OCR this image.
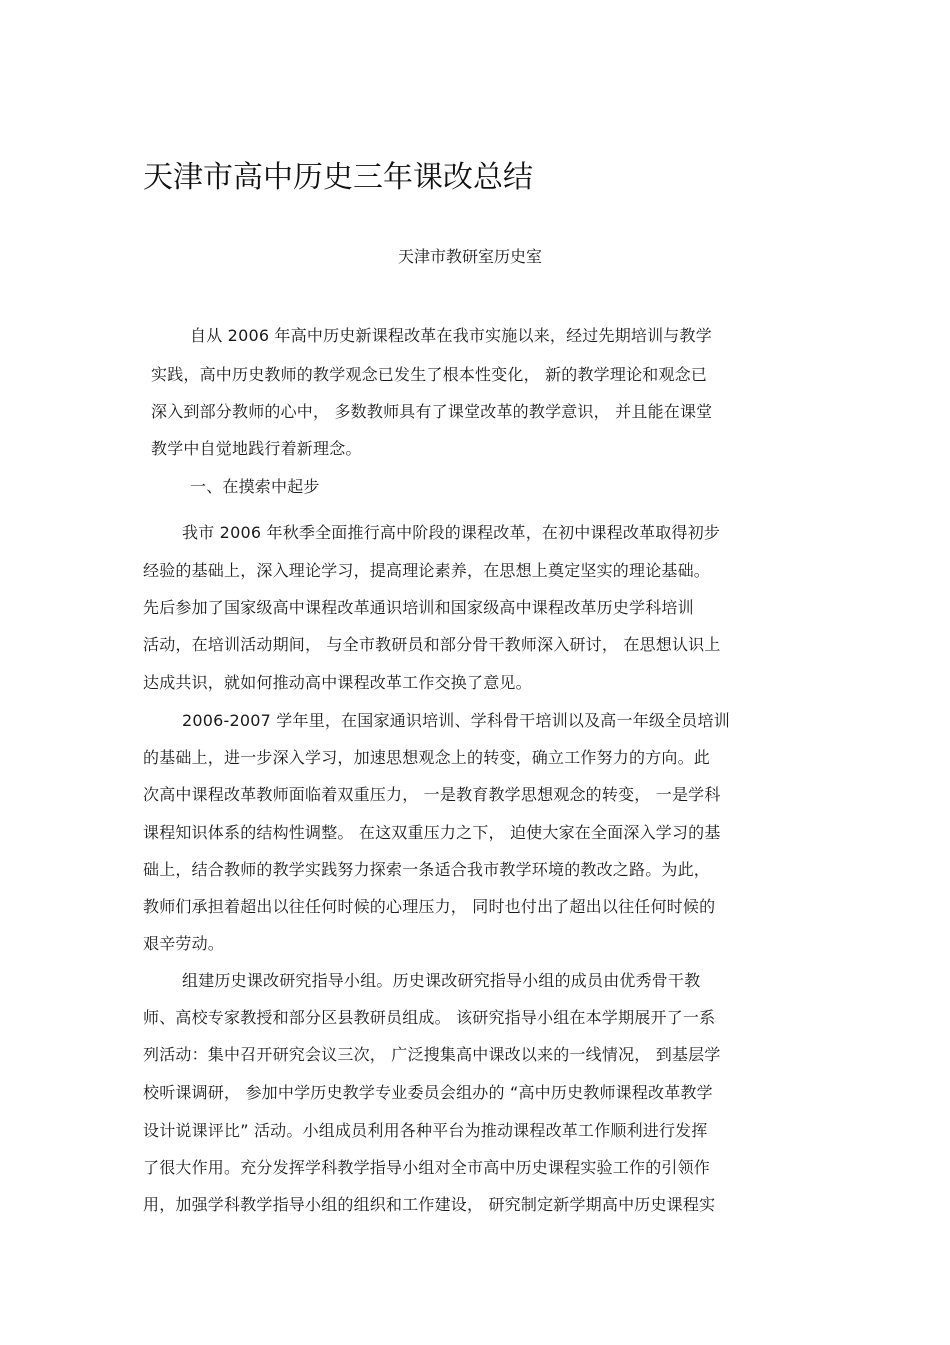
天津市高中历史三年课改总结
天津市教研室历史室
自从 2006 年高中历史新课程改革在我市实施以来，经过先期培训与教学
实践，高中历史教师的教学观念已发生了根本性变化， 新的教学理论和观念已
深入到部分教师的心中， 多数教师具有了课堂改革的教学意识， 并且能在课堂
教学中自觉地践行着新理念。
一、在摸索中起步
我市 2006 年秋季全面推行高中阶段的课程改革，在初中课程改革取得初步
经验的基础上，深入理论学习，提高理论素养，在思想上奠定坚实的理论基础。
先后参加了国家级高中课程改革通识培训和国家级高中课程改革历史学科培训
活动，在培训活动期间， 与全市教研员和部分骨干教师深入研讨， 在思想认识上
达成共识，就如何推动高中课程改革工作交换了意见。
2006-2007 学年里，在国家通识培训、学科骨干培训以及高一年级全员培训
的基础上，进一步深入学习，加速思想观念上的转变，确立工作努力的方向。此
次高中课程改革教师面临着双重压力， 一是教育教学思想观念的转变， 一是学科
课程知识体系的结构性调整。 在这双重压力之下， 迫使大家在全面深入学习的基
础上，结合教师的教学实践努力探索一条适合我市教学环境的教改之路。为此，
教师们承担着超出以往任何时候的心理压力， 同时也付出了超出以往任何时候的
艰辛劳动。
组建历史课改研究指导小组。历史课改研究指导小组的成员由优秀骨干教
师、高校专家教授和部分区县教研员组成。 该研究指导小组在本学期展开了一系
列活动：集中召开研究会议三次， 广泛搜集高中课改以来的一线情况， 到基层学
校听课调研， 参加中学历史教学专业委员会组办的 “高中历史教师课程改革教学
设计说课评比” 活动。小组成员利用各种平台为推动课程改革工作顺利进行发挥
了很大作用。充分发挥学科教学指导小组对全市高中历史课程实验工作的引领作
用，加强学科教学指导小组的组织和工作建设， 研究制定新学期高中历史课程实
